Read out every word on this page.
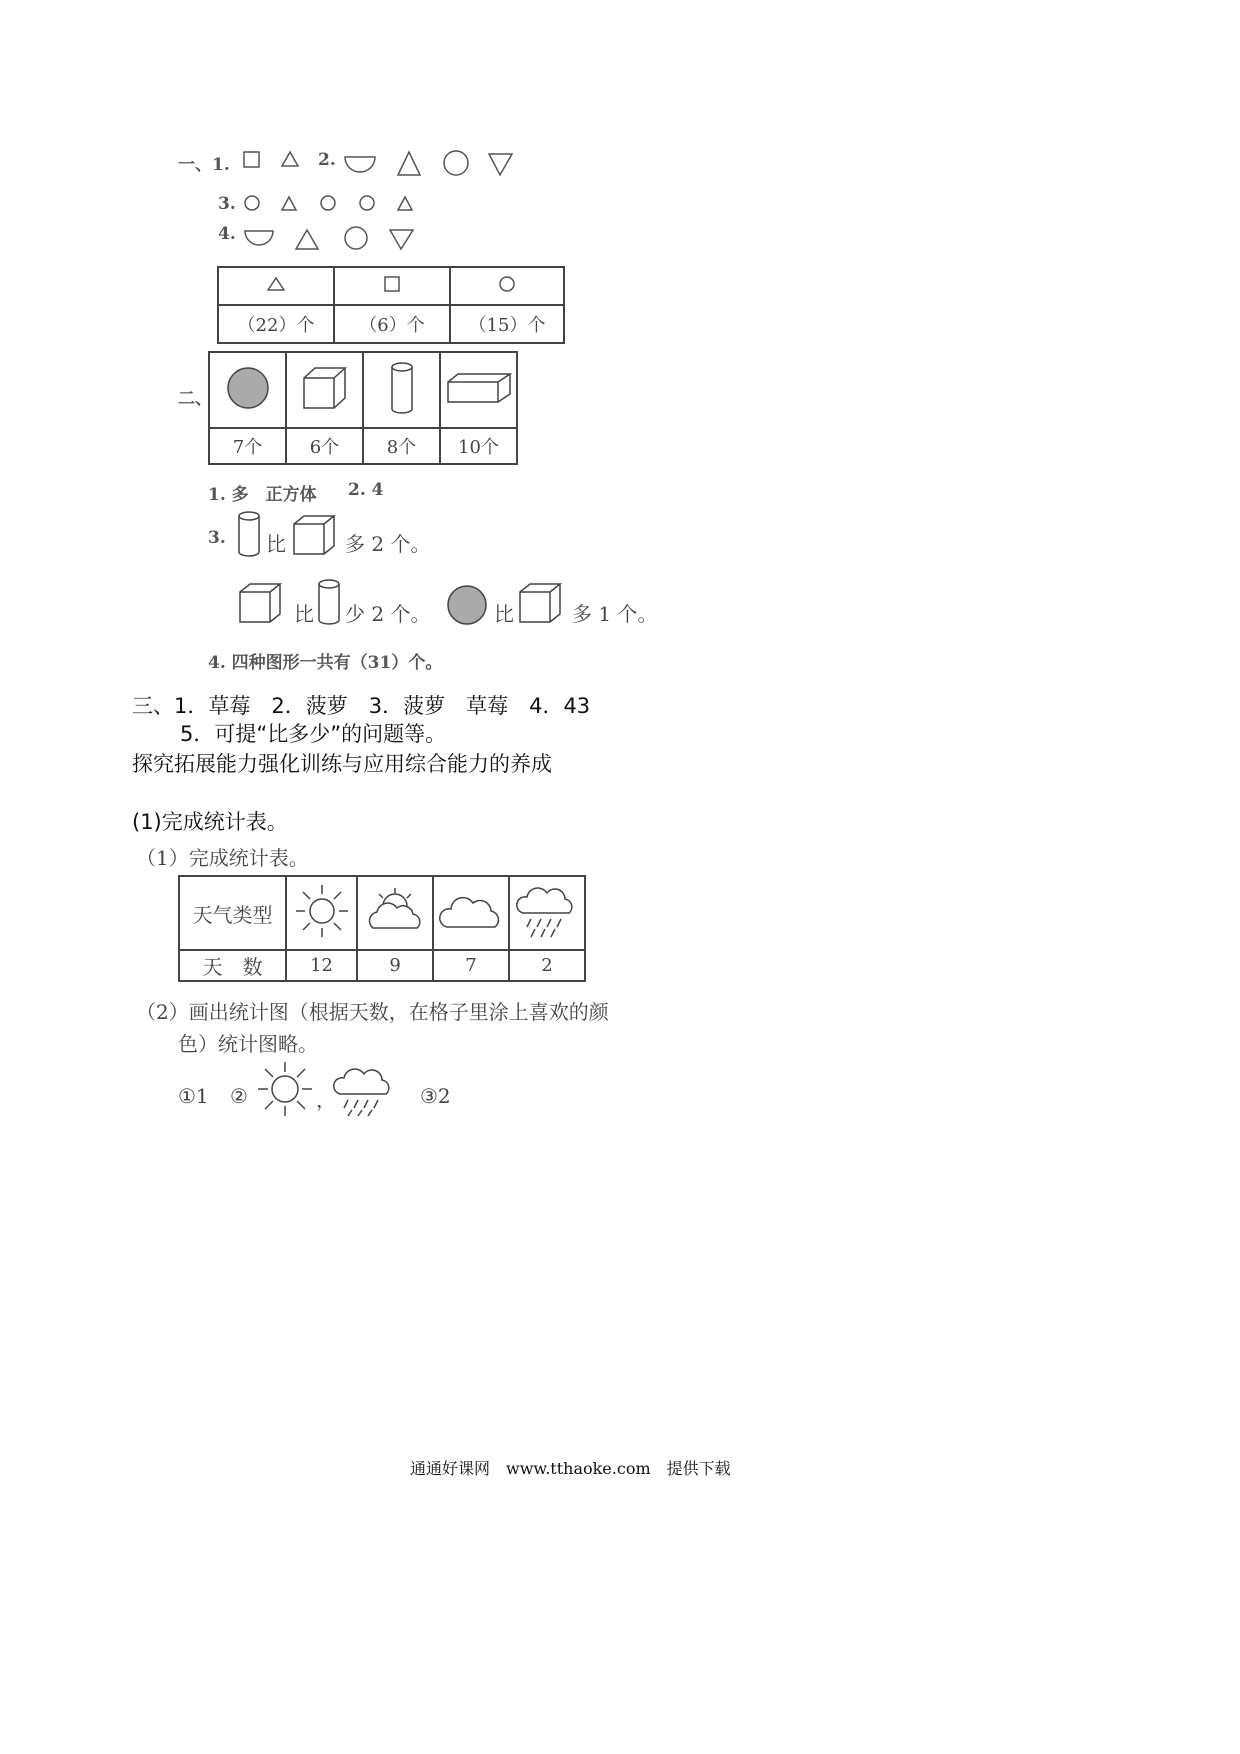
一、1.	2.
3.
4.

（22）个	（6）个	（15）个
二、

7个	6个	8个	10个
1. 多　正方体 2. 4
3. 比	多 2 个。
比 少 2 个。	比	多 1 个。
4. 四种图形一共有（31）个。
三、1．草莓　2．菠萝　3．菠萝　草莓　4．43
5．可提“比多少”的问题等。
探究拓展能力强化训练与应用综合能力的养成
(1)完成统计表。
（1）完成统计表。
天气类型				
天　数	12	9	7	2
（2）画出统计图（根据天数，在格子里涂上喜欢的颜
色）统计图略。
①1 ②	，	③2
通通好课网　www.tthaoke.com　提供下载
